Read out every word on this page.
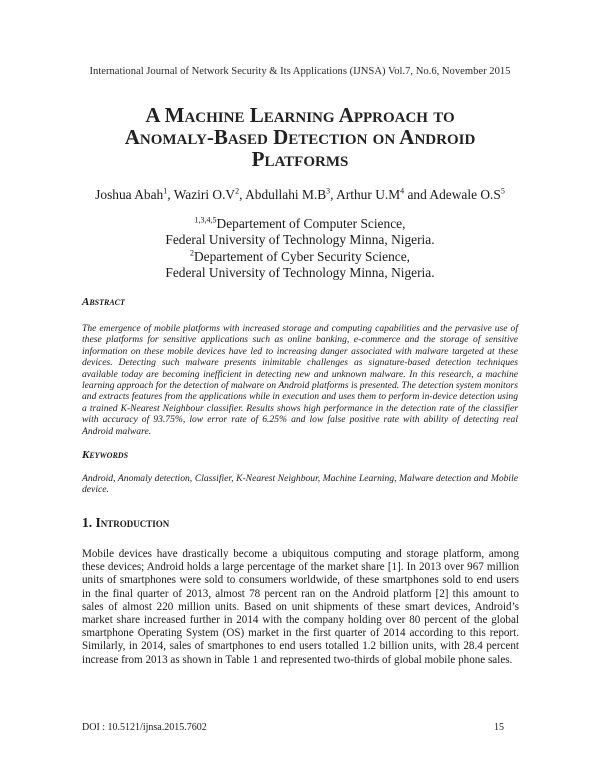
International Journal of Network Security & Its Applications (IJNSA) Vol.7, No.6, November 2015
A Machine Learning Approach to
Anomaly-Based Detection on Android
Platforms
Joshua Abah$^1$, Waziri $O.V^2$, Abdullahi $M.B^3$, Arthur $U.M^4$ and Adewale $O.S^5$
$^{1,3,4,5}$Departement of Computer Science,
Federal University of Technology Minna, Nigeria.
$^2$Departement of Cyber Security Science,
Federal University of Technology Minna, Nigeria.
Abstract
The emergence of mobile platforms with increased storage and computing capabilities and the pervasive use of these platforms for sensitive applications such as online banking, e-commerce and the storage of sensitive information on these mobile devices have led to increasing danger associated with malware targeted at these devices. Detecting such malware presents inimitable challenges as signature-based detection techniques available today are becoming inefficient in detecting new and unknown malware. In this research, a machine learning approach for the detection of malware on Android platforms is presented. The detection system monitors and extracts features from the applications while in execution and uses them to perform in-device detection using a trained K-Nearest Neighbour classifier. Results shows high performance in the detection rate of the classifier with accuracy of 93.75%, low error rate of 6.25% and low false positive rate with ability of detecting real Android malware.
Keywords
Android, Anomaly detection, Classifier, K-Nearest Neighbour, Machine Learning, Malware detection and Mobile device.
1. Introduction
Mobile devices have drastically become a ubiquitous computing and storage platform, among these devices; Android holds a large percentage of the market share [1]. In 2013 over 967 million units of smartphones were sold to consumers worldwide, of these smartphones sold to end users in the final quarter of 2013, almost 78 percent ran on the Android platform [2] this amount to sales of almost 220 million units. Based on unit shipments of these smart devices, Android’s market share increased further in 2014 with the company holding over 80 percent of the global smartphone Operating System (OS) market in the first quarter of 2014 according to this report. Similarly, in 2014, sales of smartphones to end users totalled 1.2 billion units, with 28.4 percent increase from 2013 as shown in Table 1 and represented two-thirds of global mobile phone sales.
DOI : 10.5121/ijnsa.2015.7602	15
